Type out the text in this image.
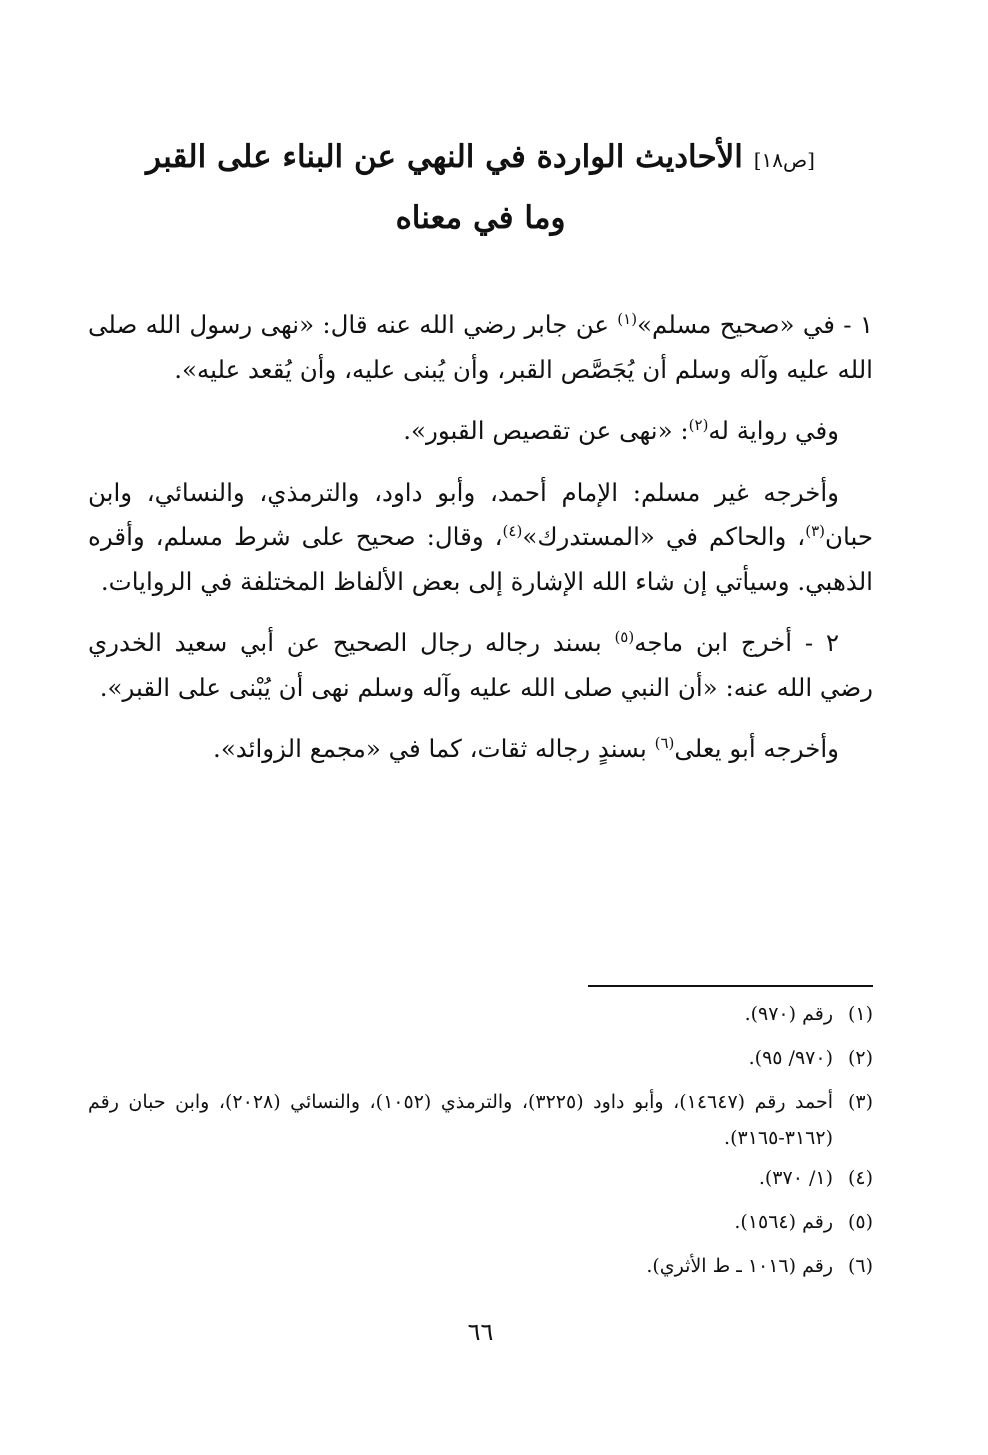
[ص١٨] الأحاديث الواردة في النهي عن البناء على القبر
وما في معناه

١ - في «صحيح مسلم»$^{(١)}$ عن جابر رضي الله عنه قال: «نهى رسول الله صلى الله عليه وآله وسلم أن يُجَصَّص القبر، وأن يُبنى عليه، وأن يُقعد عليه».

وفي رواية له$^{(٢)}$: «نهى عن تقصيص القبور».

وأخرجه غير مسلم: الإمام أحمد، وأبو داود، والترمذي، والنسائي، وابن حبان$^{(٣)}$، والحاكم في «المستدرك»$^{(٤)}$، وقال: صحيح على شرط مسلم، وأقره الذهبي. وسيأتي إن شاء الله الإشارة إلى بعض الألفاظ المختلفة في الروايات.

٢ - أخرج ابن ماجه$^{(٥)}$ بسند رجاله رجال الصحيح عن أبي سعيد الخدري رضي الله عنه: «أن النبي صلى الله عليه وآله وسلم نهى أن يُبْنى على القبر».

وأخرجه أبو يعلى$^{(٦)}$ بسندٍ رجاله ثقات، كما في «مجمع الزوائد».

(١)رقم (٩٧٠).
(٢)(٩٧٠/ ٩٥).
(٣)أحمد رقم (١٤٦٤٧)، وأبو داود (٣٢٢٥)، والترمذي (١٠٥٢)، والنسائي (٢٠٢٨)، وابن حبان رقم (٣١٦٢-٣١٦٥).
(٤)(١/ ٣٧٠).
(٥)رقم (١٥٦٤).
(٦)رقم (١٠١٦ ـ ط الأثري).
٦٦
